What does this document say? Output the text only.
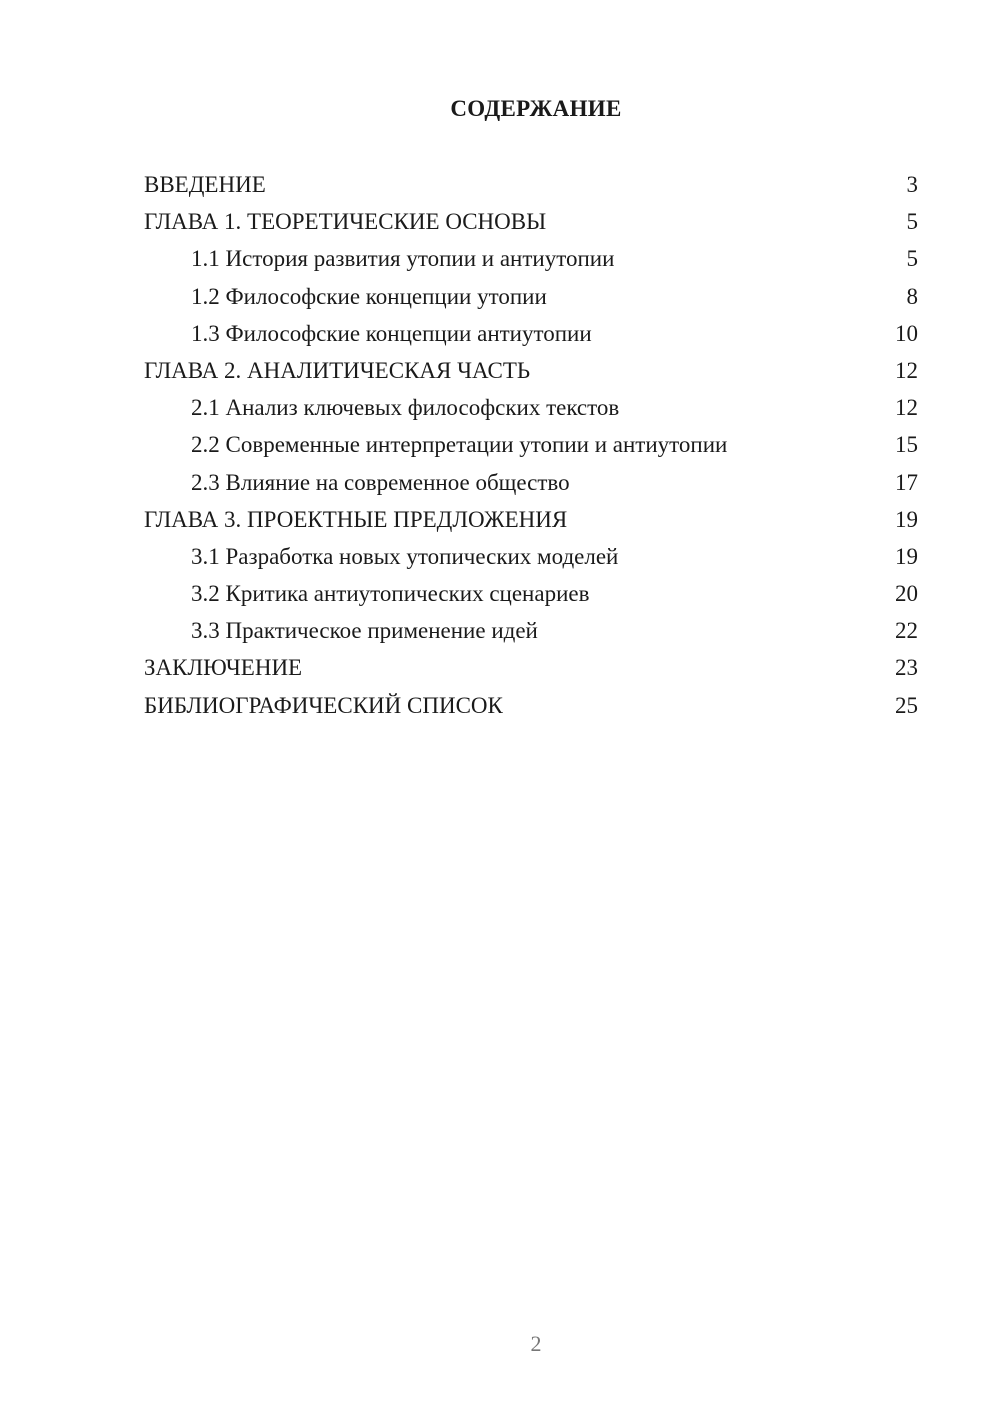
СОДЕРЖАНИЕ
ВВЕДЕНИЕ	3
ГЛАВА 1. ТЕОРЕТИЧЕСКИЕ ОСНОВЫ	5
1.1 История развития утопии и антиутопии	5
1.2 Философские концепции утопии	8
1.3 Философские концепции антиутопии	10
ГЛАВА 2. АНАЛИТИЧЕСКАЯ ЧАСТЬ	12
2.1 Анализ ключевых философских текстов	12
2.2 Современные интерпретации утопии и антиутопии	15
2.3 Влияние на современное общество	17
ГЛАВА 3. ПРОЕКТНЫЕ ПРЕДЛОЖЕНИЯ	19
3.1 Разработка новых утопических моделей	19
3.2 Критика антиутопических сценариев	20
3.3 Практическое применение идей	22
ЗАКЛЮЧЕНИЕ	23
БИБЛИОГРАФИЧЕСКИЙ СПИСОК	25
2
